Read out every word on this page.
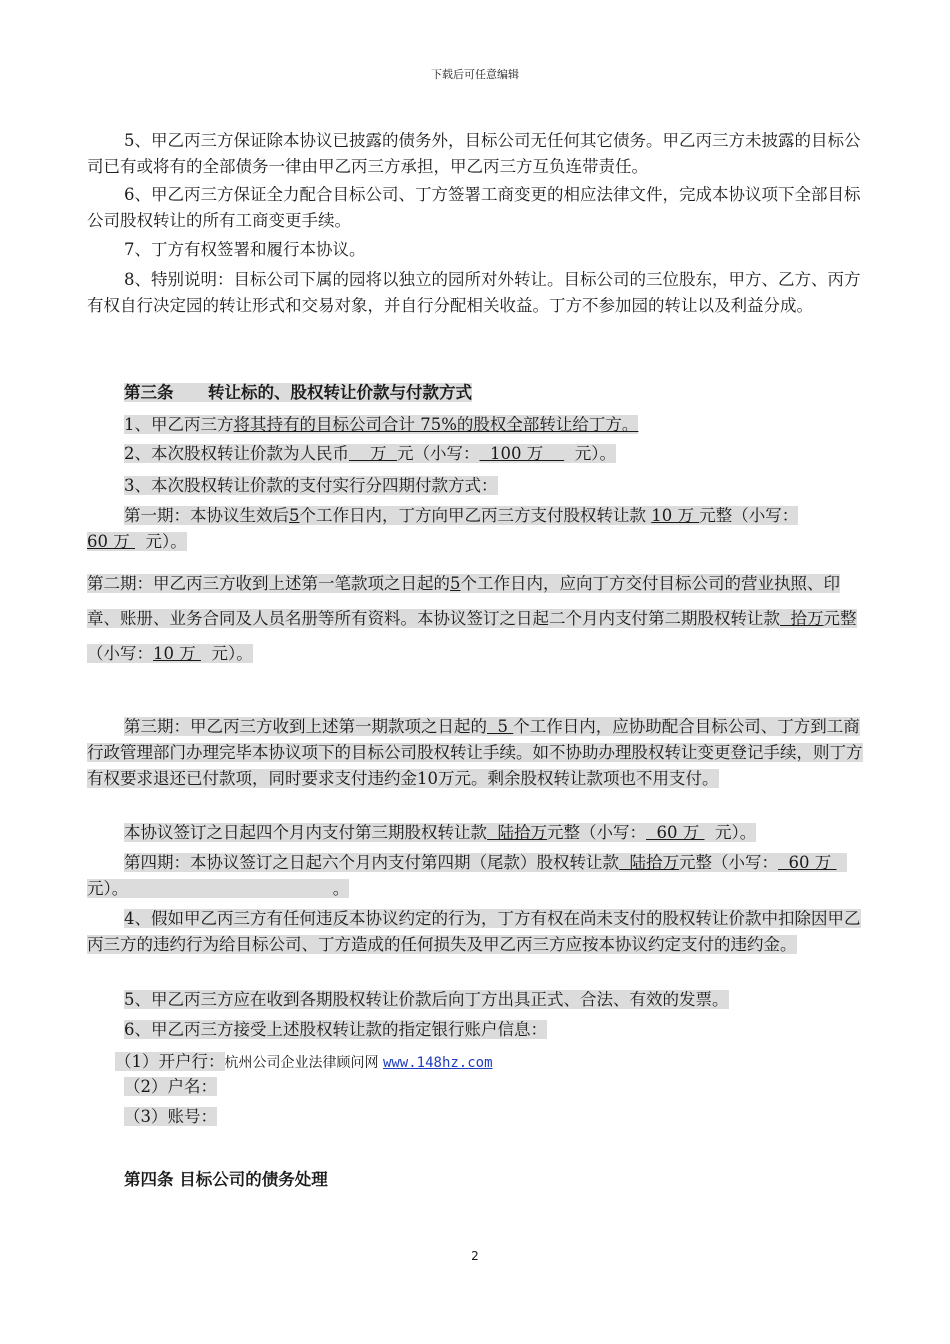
下载后可任意编辑

5、甲乙丙三方保证除本协议已披露的债务外，目标公司无任何其它债务。甲乙丙三方未披露的目标公司已有或将有的全部债务一律由甲乙丙三方承担，甲乙丙三方互负连带责任。

6、甲乙丙三方保证全力配合目标公司、丁方签署工商变更的相应法律文件，完成本协议项下全部目标公司股权转让的所有工商变更手续。

7、丁方有权签署和履行本协议。

8、特别说明：目标公司下属的园将以独立的园所对外转让。目标公司的三位股东，甲方、乙方、丙方有权自行决定园的转让形式和交易对象，并自行分配相关收益。丁方不参加园的转让以及利益分成。

第三条 转让标的、股权转让价款与付款方式

1、甲乙丙三方将其持有的目标公司合计 75%的股权全部转让给丁方。

2、本次股权转让价款为人民币    万  元（小写：  100 万      元）。

3、本次股权转让价款的支付实行分四期付款方式：

第一期：本协议生效后5个工作日内，丁方向甲乙丙三方支付股权转让款 10 万 元整（小写：60 万   元）。

第二期：甲乙丙三方收到上述第一笔款项之日起的5个工作日内，应向丁方交付目标公司的营业执照、印章、账册、业务合同及人员名册等所有资料。本协议签订之日起二个月内支付第二期股权转让款  拾万元整（小写：10 万   元）。

第三期：甲乙丙三方收到上述第一期款项之日起的  5 个工作日内，应协助配合目标公司、丁方到工商行政管理部门办理完毕本协议项下的目标公司股权转让手续。如不协助办理股权转让变更登记手续，则丁方有权要求退还已付款项，同时要求支付违约金10万元。剩余股权转让款项也不用支付。

本协议签订之日起四个月内支付第三期股权转让款  陆拾万元整（小写：  60 万   元）。

第四期：本协议签订之日起六个月内支付第四期（尾款）股权转让款  陆拾万元整（小写：  60 万   元）。                                       。

4、假如甲乙丙三方有任何违反本协议约定的行为，丁方有权在尚未支付的股权转让价款中扣除因甲乙丙三方的违约行为给目标公司、丁方造成的任何损失及甲乙丙三方应按本协议约定支付的违约金。

5、甲乙丙三方应在收到各期股权转让价款后向丁方出具正式、合法、有效的发票。

6、甲乙丙三方接受上述股权转让款的指定银行账户信息：

（1）开户行：杭州公司企业法律顾问网 www.148hz.com

（2）户名：

（3）账号：

第四条 目标公司的债务处理

2
